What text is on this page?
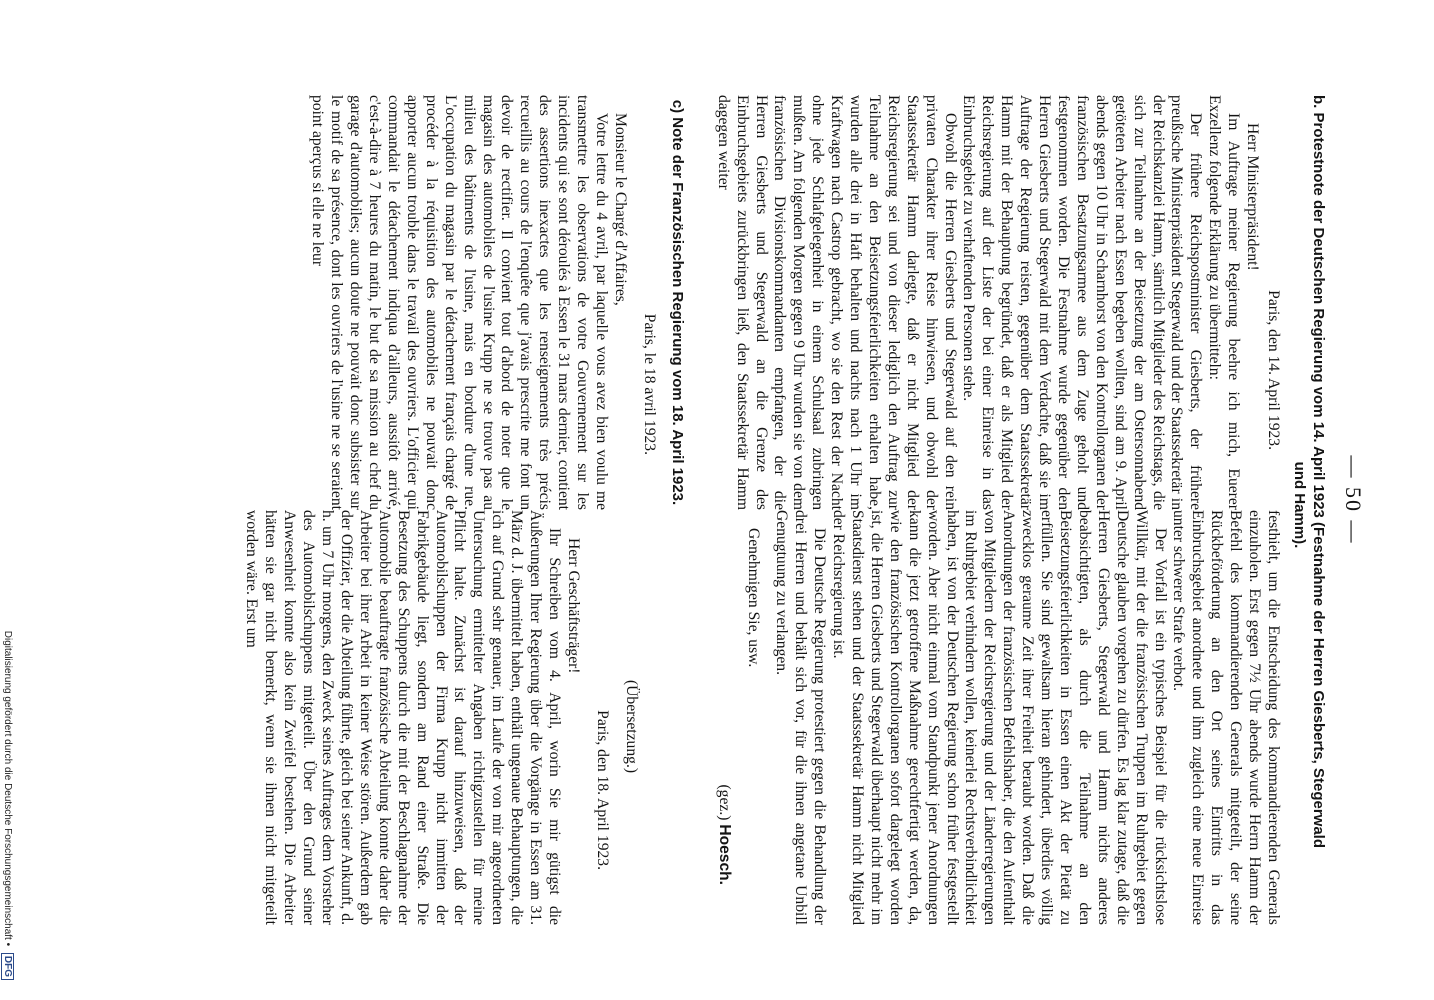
— 50 —
b. Protestnote der Deutschen Regierung vom 14. April 1923 (Festnahme der Herren Giesberts, Stegerwald
und Hamm).

Paris, den 14. April 1923.

Herr Ministerpräsident!

Im Auftrage meiner Regierung beehre ich mich, Euerer Exzellenz folgende Erklärung zu übermitteln:

Der frühere Reichspostminister Giesberts, der frühere preußische Ministerpräsident Stegerwald und der Staatssekretär in der Reichskanzlei Hamm, sämtlich Mitglieder des Reichstags, die sich zur Teilnahme an der Beisetzung der am Ostersonnabend getöteten Arbeiter nach Essen begeben wollten, sind am 9. April abends gegen 10 Uhr in Scharnhorst von den Kontrollorganen der französischen Besatzungsarmee aus dem Zuge geholt und festgenommen worden. Die Festnahme wurde gegenüber den Herren Giesberts und Stegerwald mit dem Verdachte, daß sie im Auftrage der Regierung reisten, gegenüber dem Staatssekretär Hamm mit der Behauptung begründet, daß er als Mitglied der Reichsregierung auf der Liste der bei einer Einreise in das Einbruchsgebiet zu verhaftenden Personen stehe.

Obwohl die Herren Giesberts und Stegerwald auf den rein privaten Charakter ihrer Reise hinwiesen, und obwohl der Staatssekretär Hamm darlegte, daß er nicht Mitglied der Reichsregierung sei und von dieser lediglich den Auftrag zur Teilnahme an den Beisetzungsfeierlichkeiten erhalten habe, wurden alle drei in Haft behalten und nachts nach 1 Uhr im Kraftwagen nach Castrop gebracht, wo sie den Rest der Nacht ohne jede Schlafgelegenheit in einem Schulsaal zubringen mußten. Am folgenden Morgen gegen 9 Uhr wurden sie von dem französischen Divisionskommandanten empfangen, der die Herren Giesberts und Stegerwald an die Grenze des Einbruchsgebiets zurückbringen ließ, den Staatssekretär Hamm dagegen weiter

c) Note der Französischen Regierung vom 18. April 1923.

Paris, le 18 avril 1923.

Monsieur le Chargé d'Affaires,

Votre lettre du 4 avril, par laquelle vous avez bien voulu me transmettre les observations de votre Gouvernement sur les incidents qui se sont déroulés à Essen le 31 mars dernier, contient des assertions inexactes que les renseignements très précis recueillis au cours de l'enquête que j'avais prescrite me font un devoir de rectifier. Il convient tout d'abord de noter que le magasin des automobiles de l'usine Krupp ne se trouve pas au milieu des bâtiments de l'usine, mais en bordure d'une rue. L'occupation du magasin par le détachement français chargé de procéder à la réquisition des automobiles ne pouvait donc apporter aucun trouble dans le travail des ouvriers. L'officier qui commandait le détachement indiqua d'ailleurs, aussitôt arrivé, c'est-à-dire à 7 heures du matin, le but de sa mission au chef du garage d'automobiles; aucun doute ne pouvait donc subsister sur le motif de sa présence, dont les ouvriers de l'usine ne se seraient point aperçus si elle ne leur

festhielt, um die Entscheidung des kommandierenden Generals einzuholen. Erst gegen 7½ Uhr abends wurde Herrn Hamm der Befehl des kommandierenden Generals mitgeteilt, der seine Rückbeförderung an den Ort seines Eintritts in das Einbruchsgebiet anordnete und ihm zugleich eine neue Einreise unter schwerer Strafe verbot.

Der Vorfall ist ein typisches Beispiel für die rücksichtslose Willkür, mit der die französischen Truppen im Ruhrgebiet gegen Deutsche glauben vorgehen zu dürfen. Es lag klar zutage, daß die Herren Giesberts, Stegerwald und Hamm nichts anderes beabsichtigten, als durch die Teilnahme an den Beisetzungsfeierlichkeiten in Essen einen Akt der Pietät zu erfüllen. Sie sind gewaltsam hieran gehindert, überdies völlig zwecklos geraume Zeit ihrer Freiheit beraubt worden. Daß die Anordnungen der französischen Befehlshaber, die den Aufenthalt von Mitgliedern der Reichsregierung und der Länderregierungen im Ruhrgebiet verhindern wollen, keinerlei Rechtsverbindlichkeit haben, ist von der Deutschen Regierung schon früher festgestellt worden. Aber nicht einmal vom Standpunkt jener Anordnungen kann die jetzt getroffene Maßnahme gerechtfertigt werden, da, wie den französischen Kontrollorganen sofort dargelegt worden ist, die Herren Giesberts und Stegerwald überhaupt nicht mehr im Staatsdienst stehen und der Staatssekretär Hamm nicht Mitglied der Reichsregierung ist.

Die Deutsche Regierung protestiert gegen die Behandlung der drei Herren und behält sich vor, für die ihnen angetane Unbill Genugtuung zu verlangen.

Genehmigen Sie, usw.

(gez.) Hoesch.

(Übersetzung.)

Paris, den 18. April 1923.

Herr Geschäftsträger!

Ihr Schreiben vom 4. April, worin Sie mir gütigst die Äußerungen Ihrer Regierung über die Vorgänge in Essen am 31. März d. J. übermittelt haben, enthält ungenaue Behauptungen, die ich auf Grund sehr genauer, im Laufe der von mir angeordneten Untersuchung ermittelter Angaben richtigzustellen für meine Pflicht halte. Zunächst ist darauf hinzuweisen, daß der Automobilschuppen der Firma Krupp nicht inmitten der Fabrikgebäude liegt, sondern am Rand einer Straße. Die Besetzung des Schuppens durch die mit der Beschlagnahme der Automobile beauftragte französische Abteilung konnte daher die Arbeiter bei ihrer Arbeit in keiner Weise stören. Außerdem gab der Offizier, der die Abteilung führte, gleich bei seiner Ankunft, d. h. um 7 Uhr morgens, den Zweck seines Auftrages dem Vorsteher des Automobilschuppens mitgeteilt. Über den Grund seiner Anwesenheit konnte also kein Zweifel bestehen. Die Arbeiter hätten sie gar nicht bemerkt, wenn sie ihnen nicht mitgeteilt worden wäre. Erst um

Digitalisierung gefördert durch die Deutsche Forschungsgemeinschaft • DFG
